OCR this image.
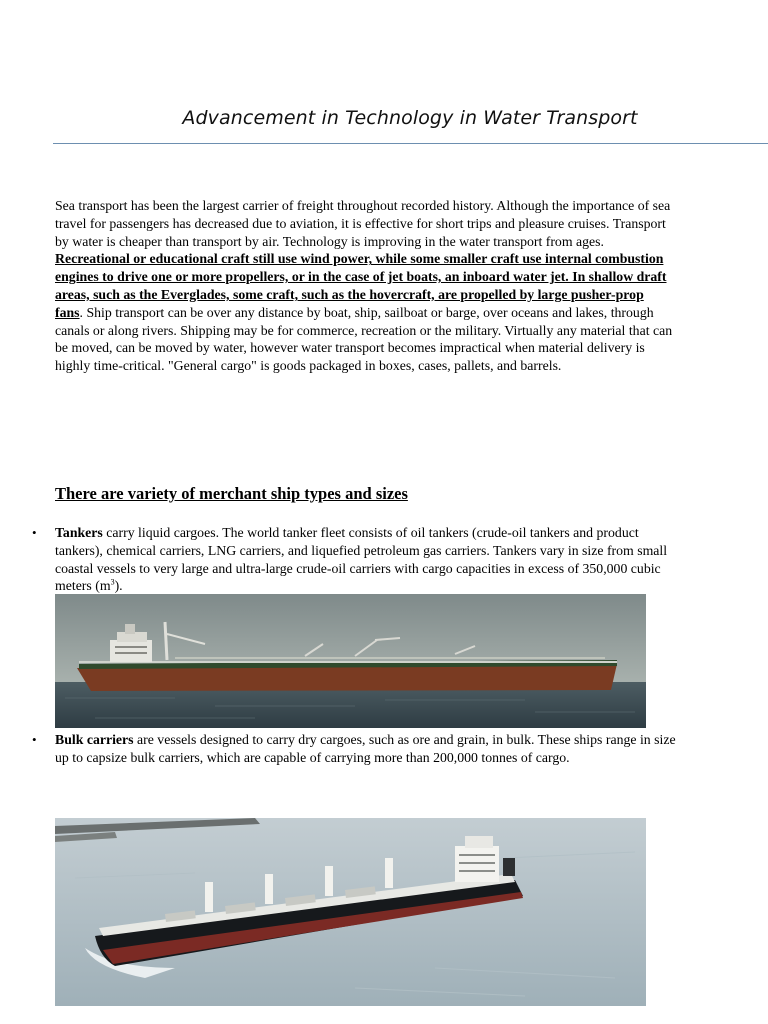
Advancement in Technology in Water Transport

Sea transport has been the largest carrier of freight throughout recorded history. Although the importance of sea travel for passengers has decreased due to aviation, it is effective for short trips and pleasure cruises. Transport by water is cheaper than transport by air. Technology is improving in the water transport from ages. Recreational or educational craft still use wind power, while some smaller craft use internal combustion engines to drive one or more propellers, or in the case of jet boats, an inboard water jet. In shallow draft areas, such as the Everglades, some craft, such as the hovercraft, are propelled by large pusher-prop fans. Ship transport can be over any distance by boat, ship, sailboat or barge, over oceans and lakes, through canals or along rivers. Shipping may be for commerce, recreation or the military. Virtually any material that can be moved, can be moved by water, however water transport becomes impractical when material delivery is highly time-critical. "General cargo" is goods packaged in boxes, cases, pallets, and barrels.

There are variety of merchant ship types and sizes
• Tankers carry liquid cargoes. The world tanker fleet consists of oil tankers (crude-oil tankers and product tankers), chemical carriers, LNG carriers, and liquefied petroleum gas carriers. Tankers vary in size from small coastal vessels to very large and ultra-large crude-oil carriers with cargo capacities in excess of 350,000 cubic meters $(m^3)$.
• Bulk carriers are vessels designed to carry dry cargoes, such as ore and grain, in bulk. These ships range in size up to capsize bulk carriers, which are capable of carrying more than 200,000 tonnes of cargo.
